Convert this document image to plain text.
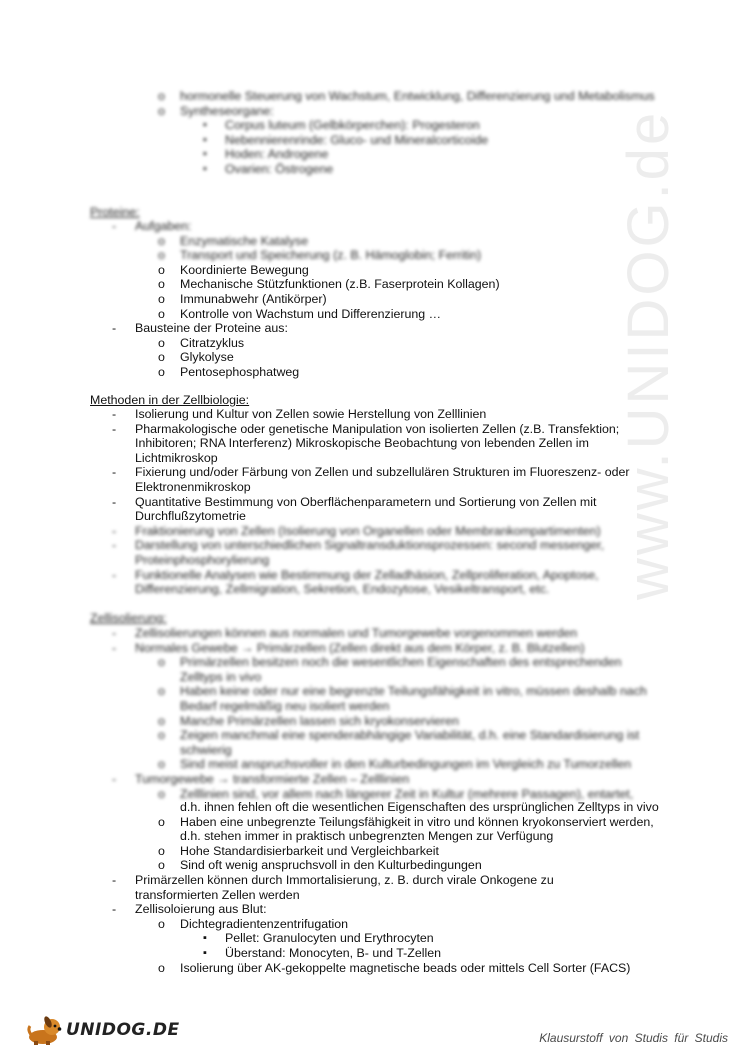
www.UNIDOG.de
o hormonelle Steuerung von Wachstum, Entwicklung, Differenzierung und Metabolismus
o Syntheseorgane:
▪ Corpus luteum (Gelbkörperchen): Progesteron
▪ Nebennierenrinde: Gluco- und Mineralcorticoide
▪ Hoden: Androgene
▪ Ovarien: Östrogene
Proteine:
- Aufgaben:
o Enzymatische Katalyse
o Transport und Speicherung (z. B. Hämoglobin; Ferritin)
o Koordinierte Bewegung
o Mechanische Stützfunktionen (z.B. Faserprotein Kollagen)
o Immunabwehr (Antikörper)
o Kontrolle von Wachstum und Differenzierung …
- Bausteine der Proteine aus:
o Citratzyklus
o Glykolyse
o Pentosephosphatweg
Methoden in der Zellbiologie:
- Isolierung und Kultur von Zellen sowie Herstellung von Zelllinien
- Pharmakologische oder genetische Manipulation von isolierten Zellen (z.B. Transfektion; Inhibitoren; RNA Interferenz) Mikroskopische Beobachtung von lebenden Zellen im Lichtmikroskop
- Fixierung und/oder Färbung von Zellen und subzellulären Strukturen im Fluoreszenz- oder Elektronenmikroskop
- Quantitative Bestimmung von Oberflächenparametern und Sortierung von Zellen mit Durchflußzytometrie
- Fraktionierung von Zellen (Isolierung von Organellen oder Membrankompartimenten)
- Darstellung von unterschiedlichen Signaltransduktionsprozessen: second messenger, Proteinphosphorylierung
- Funktionelle Analysen wie Bestimmung der Zelladhäsion, Zellproliferation, Apoptose, Differenzierung, Zellmigration, Sekretion, Endozytose, Vesikeltransport, etc.
Zellisolierung:
- Zellisolierungen können aus normalen und Tumorgewebe vorgenommen werden
- Normales Gewebe → Primärzellen (Zellen direkt aus dem Körper, z. B. Blutzellen)
o Primärzellen besitzen noch die wesentlichen Eigenschaften des entsprechenden Zelltyps in vivo
o Haben keine oder nur eine begrenzte Teilungsfähigkeit in vitro, müssen deshalb nach Bedarf regelmäßig neu isoliert werden
o Manche Primärzellen lassen sich kryokonservieren
o Zeigen manchmal eine spenderabhängige Variabilität, d.h. eine Standardisierung ist schwierig
o Sind meist anspruchsvoller in den Kulturbedingungen im Vergleich zu Tumorzellen
- Tumorgewebe → transformierte Zellen – Zelllinien
o Zelllinien sind, vor allem nach längerer Zeit in Kultur (mehrere Passagen), entartet,
d.h. ihnen fehlen oft die wesentlichen Eigenschaften des ursprünglichen Zelltyps in vivo
o Haben eine unbegrenzte Teilungsfähigkeit in vitro und können kryokonserviert werden, d.h. stehen immer in praktisch unbegrenzten Mengen zur Verfügung
o Hohe Standardisierbarkeit und Vergleichbarkeit
o Sind oft wenig anspruchsvoll in den Kulturbedingungen
- Primärzellen können durch Immortalisierung, z. B. durch virale Onkogene zu transformierten Zellen werden
- Zellisoloierung aus Blut:
o Dichtegradientenzentrifugation
▪ Pellet: Granulocyten und Erythrocyten
▪ Überstand: Monocyten, B- und T-Zellen
o Isolierung über AK-gekoppelte magnetische beads oder mittels Cell Sorter (FACS)
UNIDOG.DE	Klausurstoff von Studis für Studis
